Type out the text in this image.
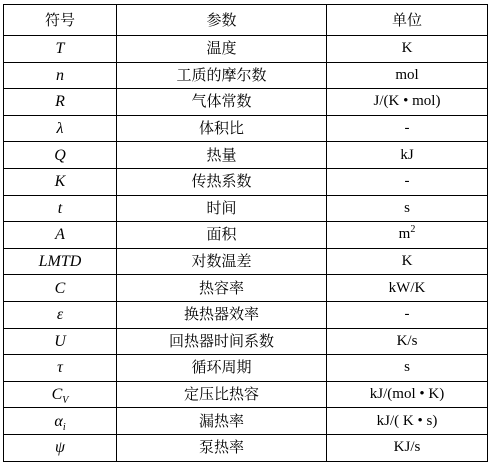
符号	参数	单位
T	温度	K
n	工质的摩尔数	mol
R	气体常数	J/(K • mol)
λ	体积比	-
Q	热量	kJ
K	传热系数	-
t	时间	s
A	面积	$m^2$
LMTD	对数温差	K
C	热容率	kW/K
ε	换热器效率	-
U	回热器时间系数	K/s
τ	循环周期	s
$C_V$	定压比热容	kJ/(mol • K)
$\alpha_i$	漏热率	kJ/( K • s)
ψ	泵热率	KJ/s
